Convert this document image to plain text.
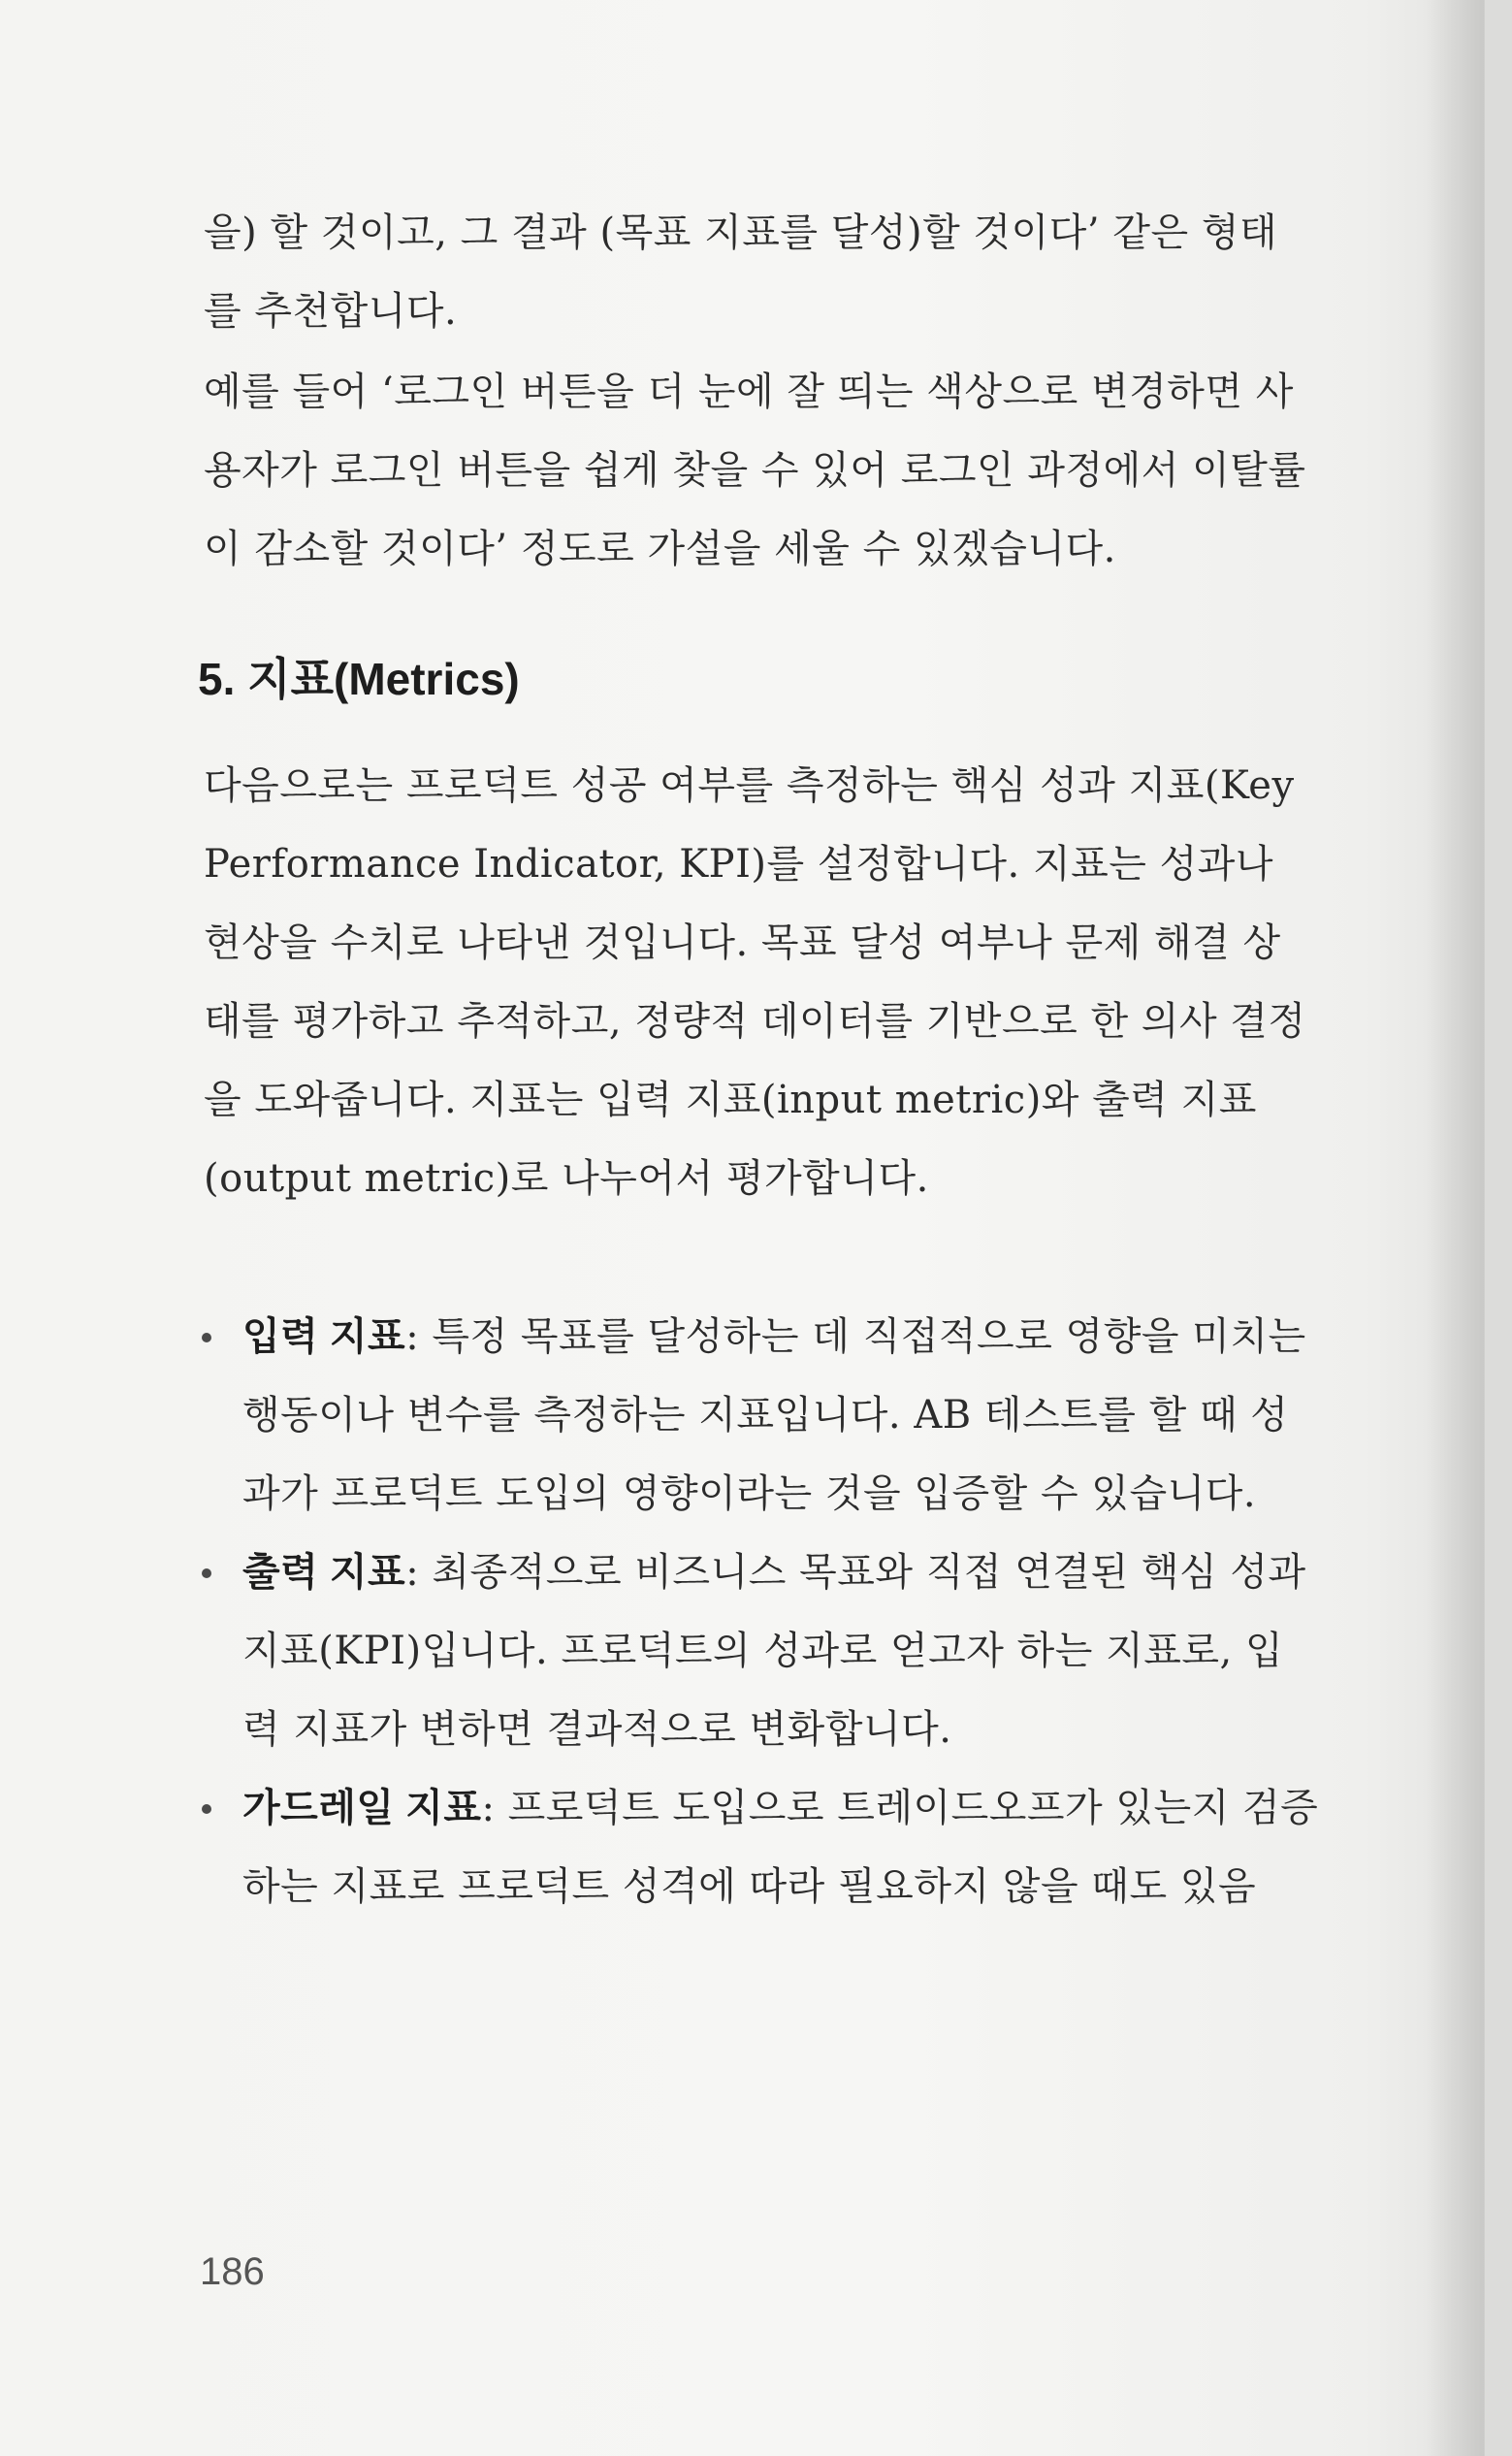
을) 할 것이고, 그 결과 (목표 지표를 달성)할 것이다’ 같은 형태를 추천합니다.

예를 들어 ‘로그인 버튼을 더 눈에 잘 띄는 색상으로 변경하면 사용자가 로그인 버튼을 쉽게 찾을 수 있어 로그인 과정에서 이탈률이 감소할 것이다’ 정도로 가설을 세울 수 있겠습니다.

5. 지표(Metrics)

다음으로는 프로덕트 성공 여부를 측정하는 핵심 성과 지표(Key Performance Indicator, KPI)를 설정합니다. 지표는 성과나 현상을 수치로 나타낸 것입니다. 목표 달성 여부나 문제 해결 상태를 평가하고 추적하고, 정량적 데이터를 기반으로 한 의사 결정을 도와줍니다. 지표는 입력 지표(input metric)와 출력 지표(output metric)로 나누어서 평가합니다.

입력 지표: 특정 목표를 달성하는 데 직접적으로 영향을 미치는 행동이나 변수를 측정하는 지표입니다. AB 테스트를 할 때 성과가 프로덕트 도입의 영향이라는 것을 입증할 수 있습니다.
출력 지표: 최종적으로 비즈니스 목표와 직접 연결된 핵심 성과 지표(KPI)입니다. 프로덕트의 성과로 얻고자 하는 지표로, 입력 지표가 변하면 결과적으로 변화합니다.
가드레일 지표: 프로덕트 도입으로 트레이드오프가 있는지 검증하는 지표로 프로덕트 성격에 따라 필요하지 않을 때도 있음
186
